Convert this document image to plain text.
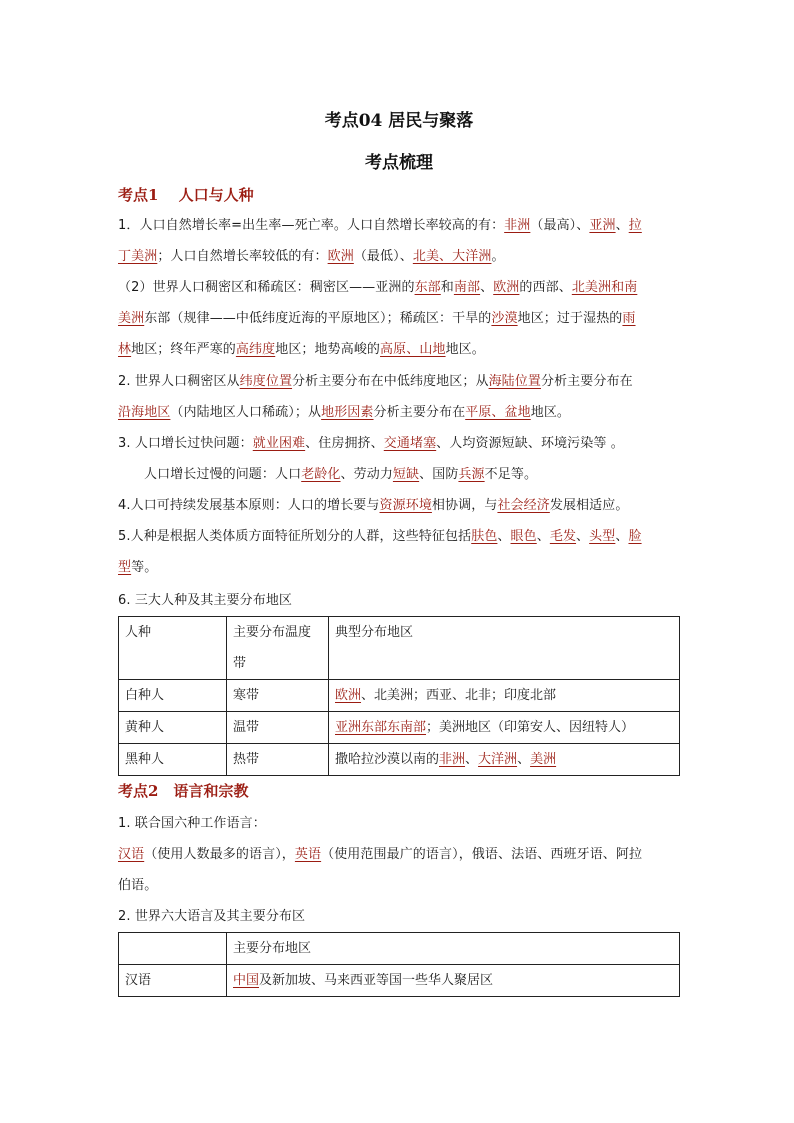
考点04 居民与聚落
考点梳理
考点1　 人口与人种
1．人口自然增长率=出生率—死亡率。人口自然增长率较高的有：非洲（最高）、亚洲、拉
丁美洲；人口自然增长率较低的有：欧洲（最低）、北美、大洋洲。
（2）世界人口稠密区和稀疏区：稠密区——亚洲的东部和南部、欧洲的西部、北美洲和南
美洲东部（规律——中低纬度近海的平原地区）；稀疏区：干旱的沙漠地区；过于湿热的雨
林地区；终年严寒的高纬度地区；地势高峻的高原、山地地区。
2. 世界人口稠密区从纬度位置分析主要分布在中低纬度地区；从海陆位置分析主要分布在
沿海地区（内陆地区人口稀疏）；从地形因素分析主要分布在平原、盆地地区。
3. 人口增长过快问题：就业困难、住房拥挤、交通堵塞、人均资源短缺、环境污染等 。
人口增长过慢的问题：人口老龄化、劳动力短缺、国防兵源不足等。
4.人口可持续发展基本原则：人口的增长要与资源环境相协调，与社会经济发展相适应。
5.人种是根据人类体质方面特征所划分的人群，这些特征包括肤色、眼色、毛发、头型、脸
型等。
6. 三大人种及其主要分布地区
人种	主要分布温度带	典型分布地区
白种人	寒带	欧洲、北美洲；西亚、北非；印度北部
黄种人	温带	亚洲东部东南部；美洲地区（印第安人、因纽特人）
黑种人	热带	撒哈拉沙漠以南的非洲、大洋洲、美洲
考点2　语言和宗教
1. 联合国六种工作语言：
汉语（使用人数最多的语言），英语（使用范围最广的语言），俄语、法语、西班牙语、阿拉
伯语。
2. 世界六大语言及其主要分布区
	主要分布地区
汉语	中国及新加坡、马来西亚等国一些华人聚居区
